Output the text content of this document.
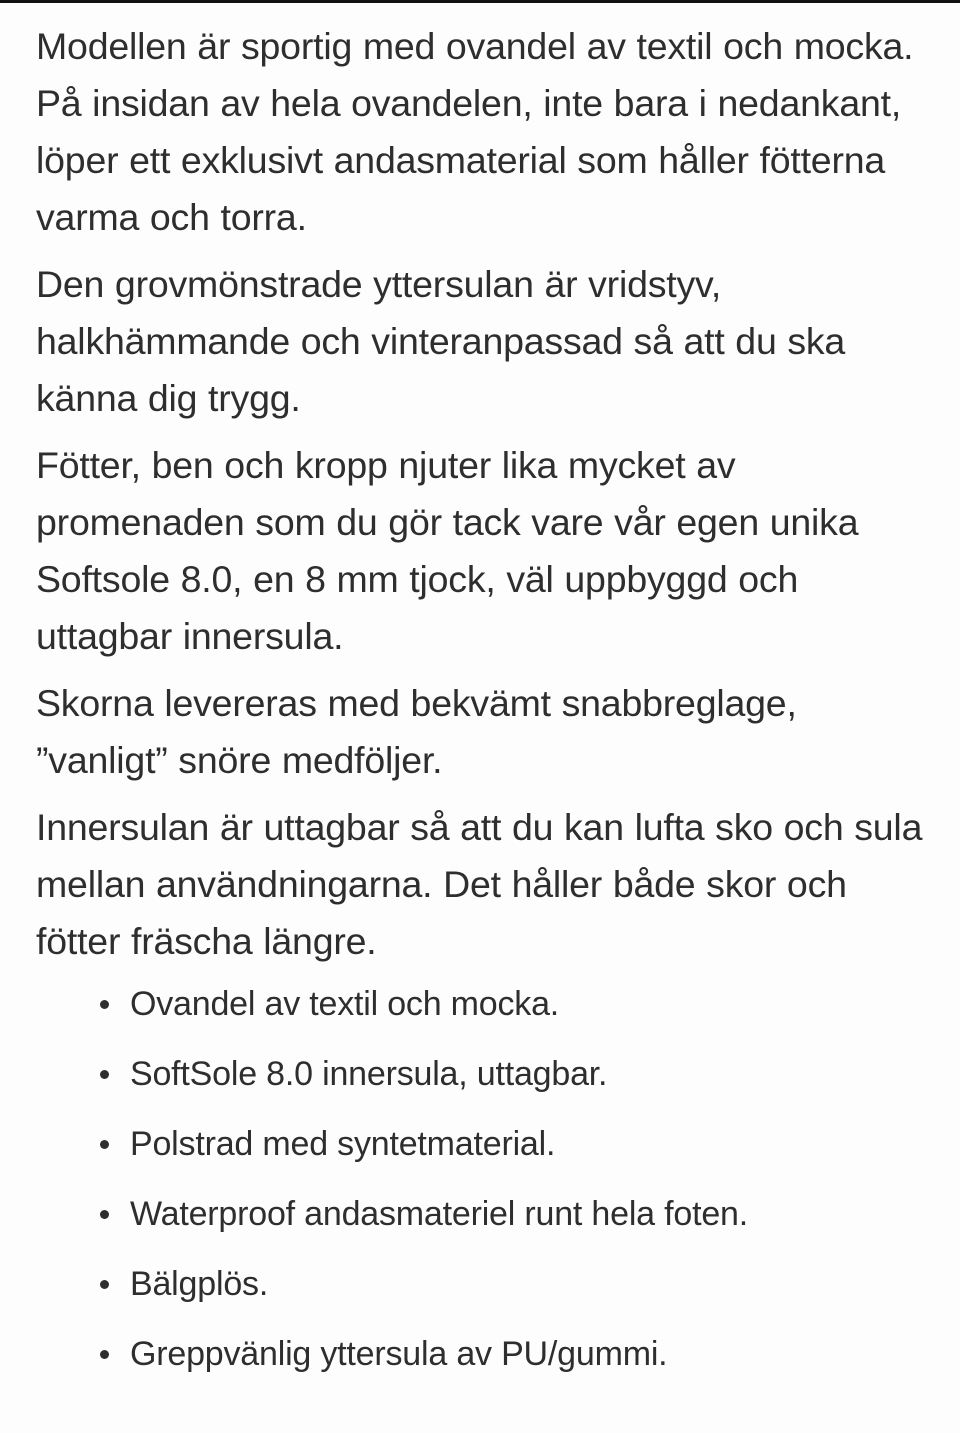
Modellen är sportig med ovandel av textil och mocka. På insidan av hela ovandelen, inte bara i nedankant, löper ett exklusivt andasmaterial som håller fötterna varma och torra.

Den grovmönstrade yttersulan är vridstyv, halkhämmande och vinteranpassad så att du ska känna dig trygg.

Fötter, ben och kropp njuter lika mycket av promenaden som du gör tack vare vår egen unika Softsole 8.0, en 8 mm tjock, väl uppbyggd och uttagbar innersula.

Skorna levereras med bekvämt snabbreglage, ”vanligt” snöre medföljer.

Innersulan är uttagbar så att du kan lufta sko och sula mellan användningarna. Det håller både skor och fötter fräscha längre.

Ovandel av textil och mocka.
SoftSole 8.0 innersula, uttagbar.
Polstrad med syntetmaterial.
Waterproof andasmateriel runt hela foten.
Bälgplös.
Greppvänlig yttersula av PU/gummi.
